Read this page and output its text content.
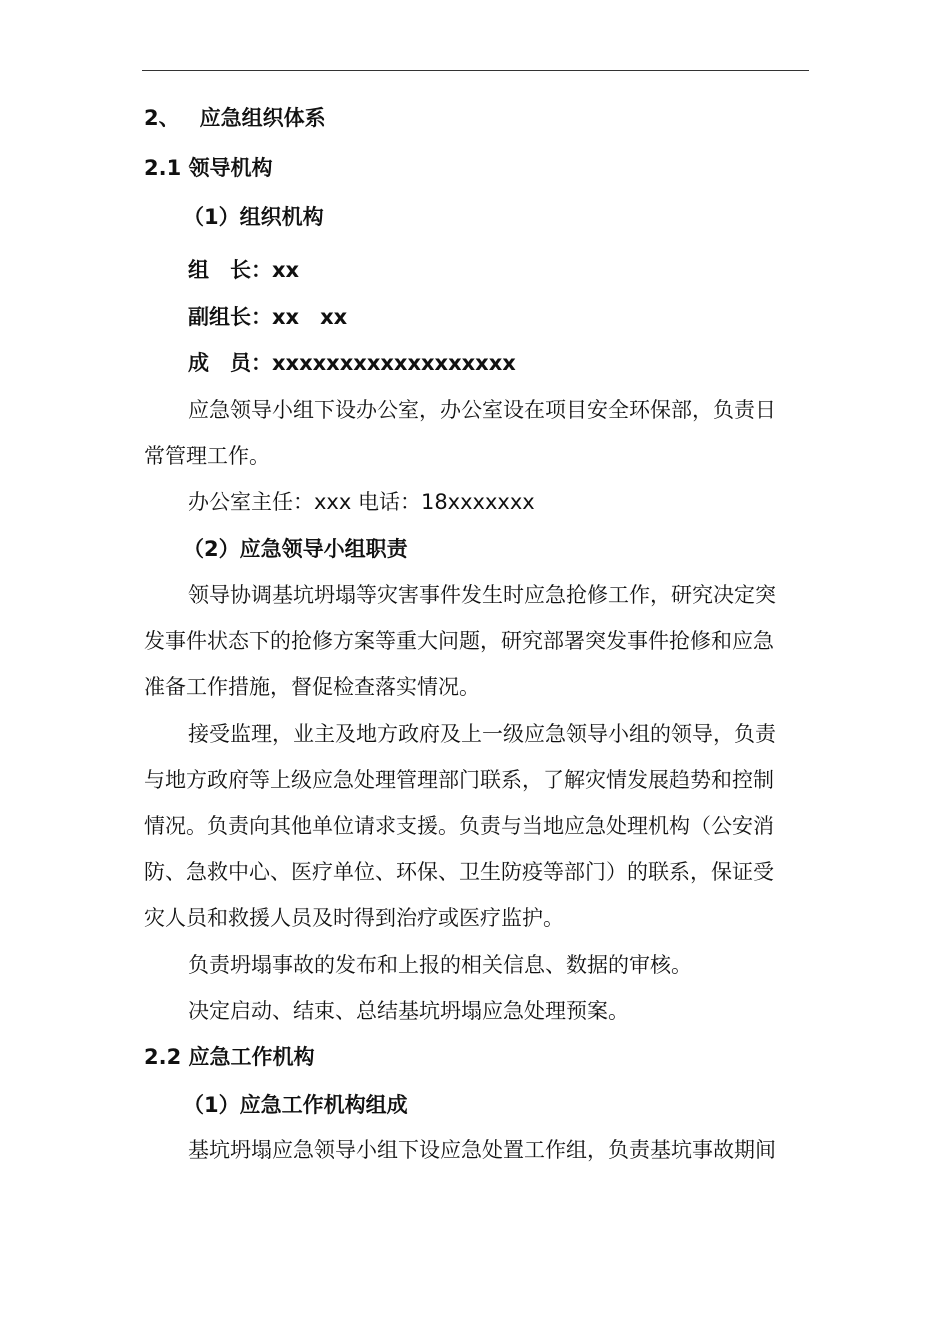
2、 应急组织体系
2.1 领导机构
（1）组织机构
组　长：xx
副组长：xx　xx
成　员：xxxxxxxxxxxxxxxxxx
应急领导小组下设办公室，办公室设在项目安全环保部，负责日
常管理工作。
办公室主任：xxx 电话：18xxxxxxx
（2）应急领导小组职责
领导协调基坑坍塌等灾害事件发生时应急抢修工作，研究决定突
发事件状态下的抢修方案等重大问题，研究部署突发事件抢修和应急
准备工作措施，督促检查落实情况。
接受监理，业主及地方政府及上一级应急领导小组的领导，负责
与地方政府等上级应急处理管理部门联系，了解灾情发展趋势和控制
情况。负责向其他单位请求支援。负责与当地应急处理机构（公安消
防、急救中心、医疗单位、环保、卫生防疫等部门）的联系，保证受
灾人员和救援人员及时得到治疗或医疗监护。
负责坍塌事故的发布和上报的相关信息、数据的审核。
决定启动、结束、总结基坑坍塌应急处理预案。
2.2 应急工作机构
（1）应急工作机构组成
基坑坍塌应急领导小组下设应急处置工作组，负责基坑事故期间
